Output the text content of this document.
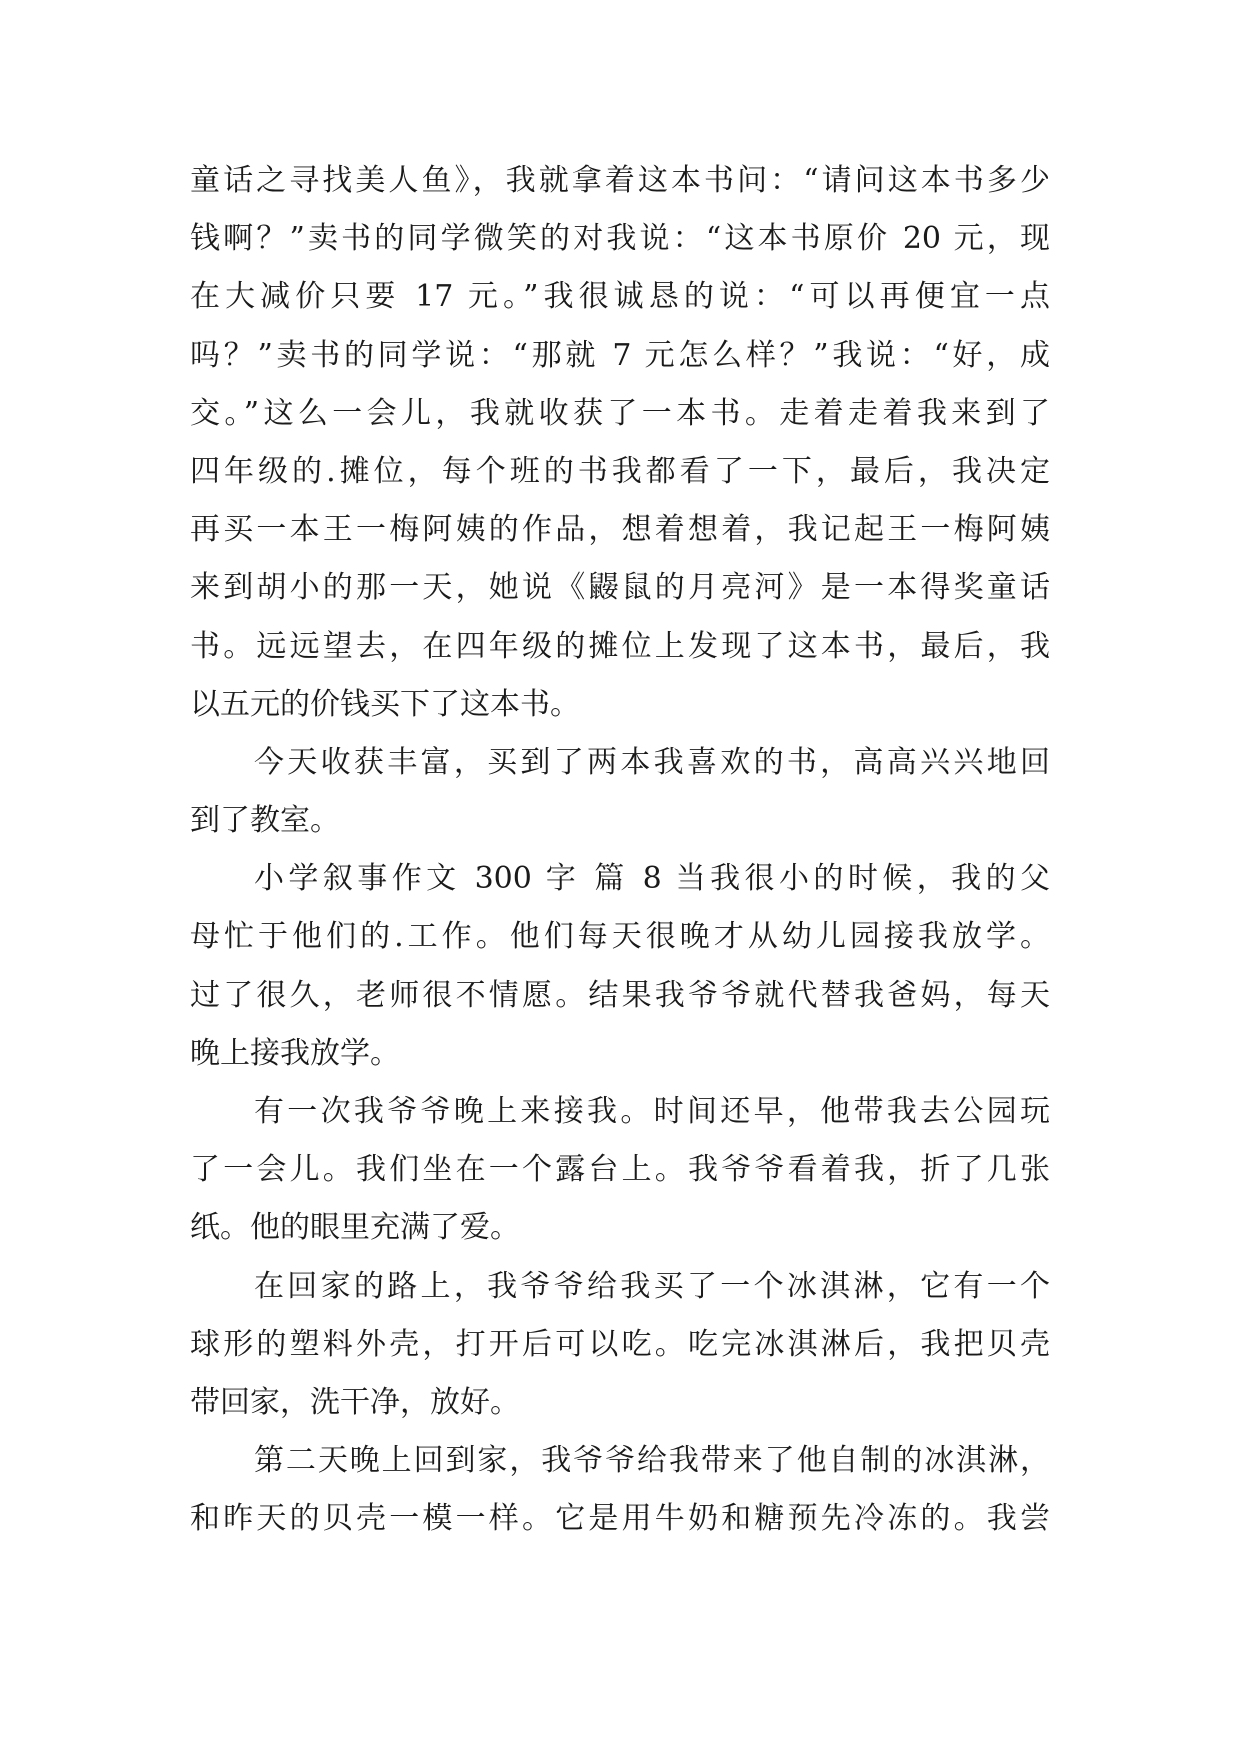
童话之寻找美人鱼》，我就拿着这本书问：“请问这本书多少
钱啊？”卖书的同学微笑的对我说：“这本书原价 20 元，现
在大减价只要 17 元。”我很诚恳的说：“可以再便宜一点
吗？”卖书的同学说：“那就 7 元怎么样？”我说：“好，成
交。”这么一会儿，我就收获了一本书。走着走着我来到了
四年级的.摊位，每个班的书我都看了一下，最后，我决定
再买一本王一梅阿姨的作品，想着想着，我记起王一梅阿姨
来到胡小的那一天，她说《鼹鼠的月亮河》是一本得奖童话
书。远远望去，在四年级的摊位上发现了这本书，最后，我
以五元的价钱买下了这本书。
今天收获丰富，买到了两本我喜欢的书，高高兴兴地回
到了教室。
小学叙事作文 300 字 篇 8 当我很小的时候，我的父
母忙于他们的.工作。他们每天很晚才从幼儿园接我放学。
过了很久，老师很不情愿。结果我爷爷就代替我爸妈，每天
晚上接我放学。
有一次我爷爷晚上来接我。时间还早，他带我去公园玩
了一会儿。我们坐在一个露台上。我爷爷看着我，折了几张
纸。他的眼里充满了爱。
在回家的路上，我爷爷给我买了一个冰淇淋，它有一个
球形的塑料外壳，打开后可以吃。吃完冰淇淋后，我把贝壳
带回家，洗干净，放好。
第二天晚上回到家，我爷爷给我带来了他自制的冰淇淋，
和昨天的贝壳一模一样。它是用牛奶和糖预先冷冻的。我尝
